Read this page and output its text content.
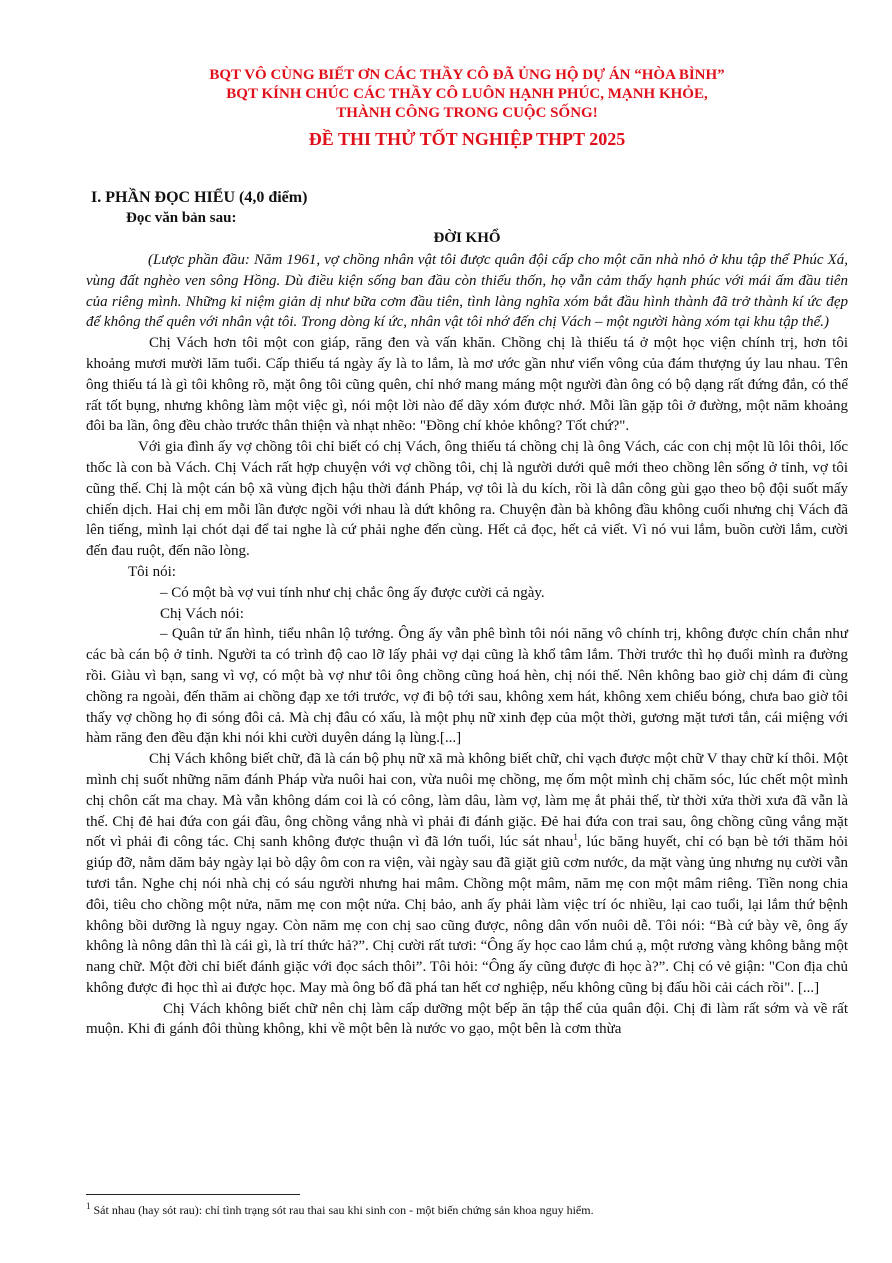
BQT VÔ CÙNG BIẾT ƠN CÁC THẦY CÔ ĐÃ ỦNG HỘ DỰ ÁN “HÒA BÌNH”
BQT KÍNH CHÚC CÁC THẦY CÔ LUÔN HẠNH PHÚC, MẠNH KHỎE,
THÀNH CÔNG TRONG CUỘC SỐNG!
ĐỀ THI THỬ TỐT NGHIỆP THPT 2025
I. PHẦN ĐỌC HIỂU (4,0 điểm)
Đọc văn bản sau:
ĐỜI KHỔ

(Lược phần đầu: Năm 1961, vợ chồng nhân vật tôi được quân đội cấp cho một căn nhà nhỏ ở khu tập thể Phúc Xá, vùng đất nghèo ven sông Hồng. Dù điều kiện sống ban đầu còn thiếu thốn, họ vẫn cảm thấy hạnh phúc với mái ấm đầu tiên của riêng mình. Những kỉ niệm giản dị như bữa cơm đầu tiên, tình làng nghĩa xóm bắt đầu hình thành đã trở thành kí ức đẹp để không thể quên với nhân vật tôi. Trong dòng kí ức, nhân vật tôi nhớ đến chị Vách – một người hàng xóm tại khu tập thể.)

Chị Vách hơn tôi một con giáp, răng đen và vấn khăn. Chồng chị là thiếu tá ở một học viện chính trị, hơn tôi khoảng mươi mười lăm tuổi. Cấp thiếu tá ngày ấy là to lắm, là mơ ước gần như viển vông của đám thượng úy lau nhau. Tên ông thiếu tá là gì tôi không rõ, mặt ông tôi cũng quên, chỉ nhớ mang máng một người đàn ông có bộ dạng rất đứng đắn, có thể rất tốt bụng, nhưng không làm một việc gì, nói một lời nào để dãy xóm được nhớ. Mỗi lần gặp tôi ở đường, một năm khoảng đôi ba lần, ông đều chào trước thân thiện và nhạt nhẽo: "Đồng chí khỏe không? Tốt chứ?".

Với gia đình ấy vợ chồng tôi chỉ biết có chị Vách, ông thiếu tá chồng chị là ông Vách, các con chị một lũ lôi thôi, lốc thốc là con bà Vách. Chị Vách rất hợp chuyện với vợ chồng tôi, chị là người dưới quê mới theo chồng lên sống ở tỉnh, vợ tôi cũng thế. Chị là một cán bộ xã vùng địch hậu thời đánh Pháp, vợ tôi là du kích, rồi là dân công gùi gạo theo bộ đội suốt mấy chiến dịch. Hai chị em mỗi lần được ngồi với nhau là dứt không ra. Chuyện đàn bà không đầu không cuối nhưng chị Vách đã lên tiếng, mình lại chót dại để tai nghe là cứ phải nghe đến cùng. Hết cả đọc, hết cả viết. Vì nó vui lắm, buồn cười lắm, cười đến đau ruột, đến não lòng.

Tôi nói:

– Có một bà vợ vui tính như chị chắc ông ấy được cười cả ngày.

Chị Vách nói:

– Quân tử ẩn hình, tiểu nhân lộ tướng. Ông ấy vẫn phê bình tôi nói năng vô chính trị, không được chín chắn như các bà cán bộ ở tỉnh. Người ta có trình độ cao lỡ lấy phải vợ dại cũng là khổ tâm lắm. Thời trước thì họ đuổi mình ra đường rồi. Giàu vì bạn, sang vì vợ, có một bà vợ như tôi ông chồng cũng hoá hèn, chị nói thế. Nên không bao giờ chị dám đi cùng chồng ra ngoài, đến thăm ai chồng đạp xe tới trước, vợ đi bộ tới sau, không xem hát, không xem chiếu bóng, chưa bao giờ tôi thấy vợ chồng họ đi sóng đôi cả. Mà chị đâu có xấu, là một phụ nữ xinh đẹp của một thời, gương mặt tươi tắn, cái miệng với hàm răng đen đều đặn khi nói khi cười duyên dáng lạ lùng.[...]

Chị Vách không biết chữ, đã là cán bộ phụ nữ xã mà không biết chữ, chỉ vạch được một chữ V thay chữ kí thôi. Một mình chị suốt những năm đánh Pháp vừa nuôi hai con, vừa nuôi mẹ chồng, mẹ ốm một mình chị chăm sóc, lúc chết một mình chị chôn cất ma chay. Mà vẫn không dám coi là có công, làm dâu, làm vợ, làm mẹ ắt phải thế, từ thời xửa thời xưa đã vẫn là thế. Chị đẻ hai đứa con gái đầu, ông chồng vắng nhà vì phải đi đánh giặc. Đẻ hai đứa con trai sau, ông chồng cũng vắng mặt nốt vì phải đi công tác. Chị sanh không được thuận vì đã lớn tuổi, lúc sát nhau$^1$, lúc băng huyết, chỉ có bạn bè tới thăm hỏi giúp đỡ, nằm dăm bảy ngày lại bò dậy ôm con ra viện, vài ngày sau đã giặt giũ cơm nước, da mặt vàng ủng nhưng nụ cười vẫn tươi tắn. Nghe chị nói nhà chị có sáu người nhưng hai mâm. Chồng một mâm, năm mẹ con một mâm riêng. Tiền nong chia đôi, tiêu cho chồng một nửa, năm mẹ con một nửa. Chị bảo, anh ấy phải làm việc trí óc nhiều, lại cao tuổi, lại lắm thứ bệnh không bồi dưỡng là nguy ngay. Còn năm mẹ con chị sao cũng được, nông dân vốn nuôi dễ. Tôi nói: “Bà cứ bày vẽ, ông ấy không là nông dân thì là cái gì, là trí thức hả?”. Chị cười rất tươi: “Ông ấy học cao lắm chú ạ, một rương vàng không bằng một nang chữ. Một đời chỉ biết đánh giặc với đọc sách thôi”. Tôi hỏi: “Ông ấy cũng được đi học à?”. Chị có vẻ giận: "Con địa chủ không được đi học thì ai được học. May mà ông bố đã phá tan hết cơ nghiệp, nếu không cũng bị đấu hồi cải cách rồi". [...]

Chị Vách không biết chữ nên chị làm cấp dưỡng một bếp ăn tập thể của quân đội. Chị đi làm rất sớm và về rất muộn. Khi đi gánh đôi thùng không, khi về một bên là nước vo gạo, một bên là cơm thừa

$^1$ Sát nhau (hay sót rau): chỉ tình trạng sót rau thai sau khi sinh con - một biến chứng sản khoa nguy hiểm.
